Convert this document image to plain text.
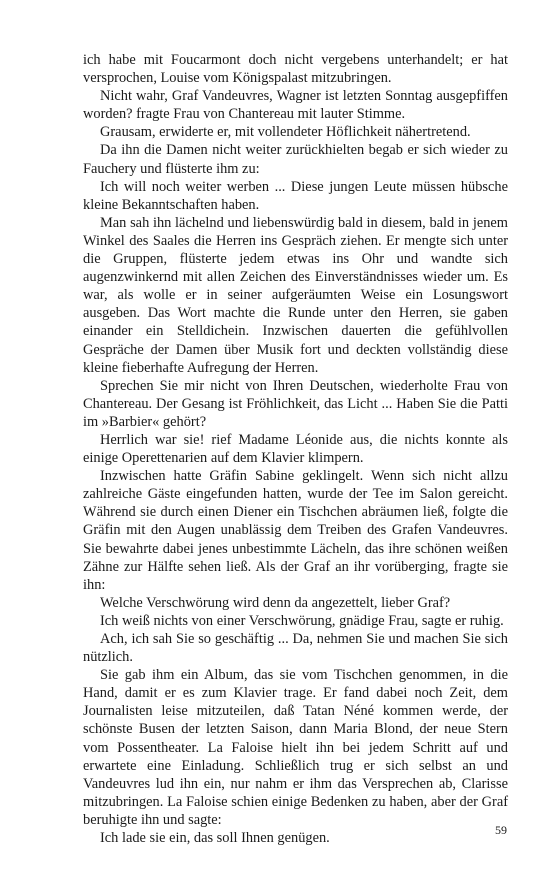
ich habe mit Foucarmont doch nicht vergebens unterhandelt; er hat versprochen, Louise vom Königspalast mitzubringen.

Nicht wahr, Graf Vandeuvres, Wagner ist letzten Sonntag ausgepfiffen worden? fragte Frau von Chantereau mit lauter Stimme.

Grausam, erwiderte er, mit vollendeter Höflichkeit nähertretend.

Da ihn die Damen nicht weiter zurückhielten begab er sich wieder zu Fauchery und flüsterte ihm zu:

Ich will noch weiter werben ... Diese jungen Leute müssen hübsche kleine Bekanntschaften haben.

Man sah ihn lächelnd und liebenswürdig bald in diesem, bald in jenem Winkel des Saales die Herren ins Gespräch ziehen. Er mengte sich unter die Gruppen, flüsterte jedem etwas ins Ohr und wandte sich augenzwinkernd mit allen Zeichen des Einverständnisses wieder um. Es war, als wolle er in seiner aufgeräumten Weise ein Losungswort ausgeben. Das Wort machte die Runde unter den Herren, sie gaben einander ein Stelldichein. Inzwischen dauerten die gefühlvollen Gespräche der Damen über Musik fort und deckten vollständig diese kleine fieberhafte Aufregung der Herren.

Sprechen Sie mir nicht von Ihren Deutschen, wiederholte Frau von Chantereau. Der Gesang ist Fröhlichkeit, das Licht ... Haben Sie die Patti im »Barbier« gehört?

Herrlich war sie! rief Madame Léonide aus, die nichts konnte als einige Operettenarien auf dem Klavier klimpern.

Inzwischen hatte Gräfin Sabine geklingelt. Wenn sich nicht allzu zahlreiche Gäste eingefunden hatten, wurde der Tee im Salon gereicht. Während sie durch einen Diener ein Tischchen abräumen ließ, folgte die Gräfin mit den Augen unablässig dem Treiben des Grafen Vandeuvres. Sie bewahrte dabei jenes unbestimmte Lächeln, das ihre schönen weißen Zähne zur Hälfte sehen ließ. Als der Graf an ihr vorüberging, fragte sie ihn:

Welche Verschwörung wird denn da angezettelt, lieber Graf?

Ich weiß nichts von einer Verschwörung, gnädige Frau, sagte er ruhig.

Ach, ich sah Sie so geschäftig ... Da, nehmen Sie und machen Sie sich nützlich.

Sie gab ihm ein Album, das sie vom Tischchen genommen, in die Hand, damit er es zum Klavier trage. Er fand dabei noch Zeit, dem Journalisten leise mitzuteilen, daß Tatan Néné kommen werde, der schönste Busen der letzten Saison, dann Maria Blond, der neue Stern vom Possentheater. La Faloise hielt ihn bei jedem Schritt auf und erwartete eine Einladung. Schließlich trug er sich selbst an und Vandeuvres lud ihn ein, nur nahm er ihm das Versprechen ab, Clarisse mitzubringen. La Faloise schien einige Bedenken zu haben, aber der Graf beruhigte ihn und sagte:

Ich lade sie ein, das soll Ihnen genügen.

59
